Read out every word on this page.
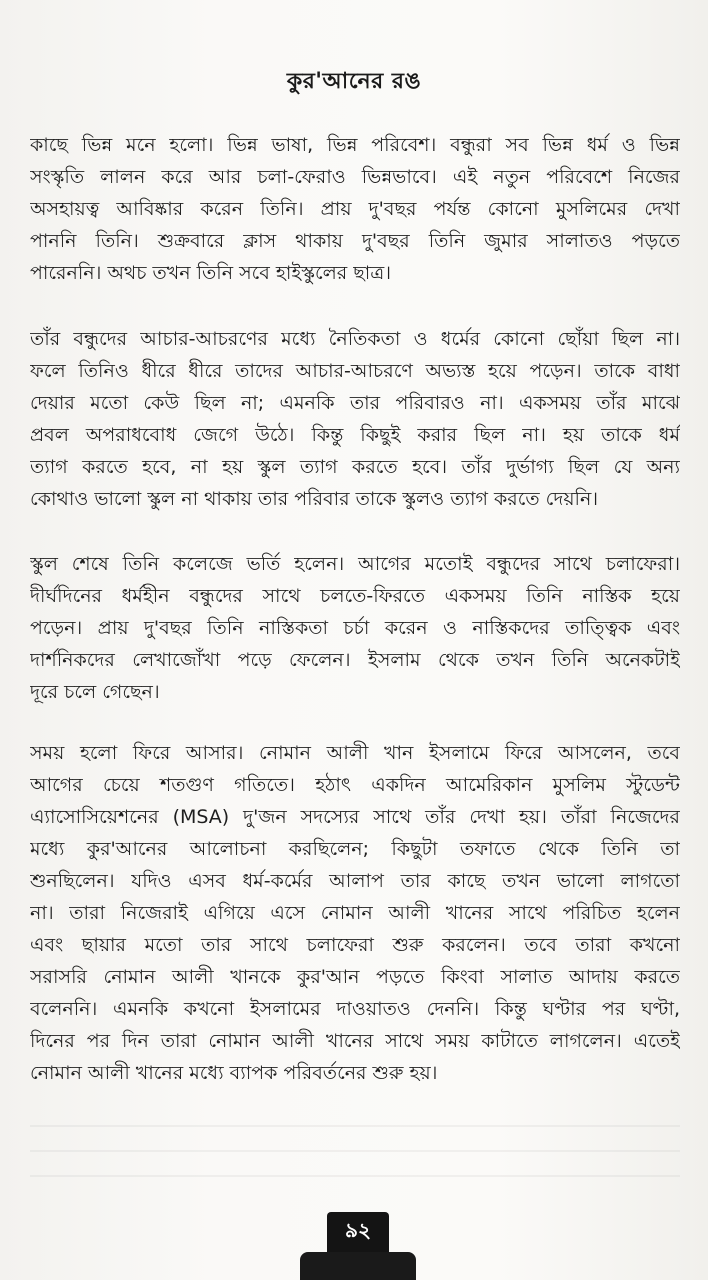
কুর'আনের রঙ
কাছে ভিন্ন মনে হলো। ভিন্ন ভাষা, ভিন্ন পরিবেশ। বন্ধুরা সব ভিন্ন ধর্ম ও ভিন্ন
সংস্কৃতি লালন করে আর চলা-ফেরাও ভিন্নভাবে। এই নতুন পরিবেশে নিজের
অসহায়ত্ব আবিষ্কার করেন তিনি। প্রায় দু'বছর পর্যন্ত কোনো মুসলিমের দেখা
পাননি তিনি। শুক্রবারে ক্লাস থাকায় দু'বছর তিনি জুমার সালাতও পড়তে
পারেননি। অথচ তখন তিনি সবে হাইস্কুলের ছাত্র।
তাঁর বন্ধুদের আচার-আচরণের মধ্যে নৈতিকতা ও ধর্মের কোনো ছোঁয়া ছিল না।
ফলে তিনিও ধীরে ধীরে তাদের আচার-আচরণে অভ্যস্ত হয়ে পড়েন। তাকে বাধা
দেয়ার মতো কেউ ছিল না; এমনকি তার পরিবারও না। একসময় তাঁর মাঝে
প্রবল অপরাধবোধ জেগে উঠে। কিন্তু কিছুই করার ছিল না। হয় তাকে ধর্ম
ত্যাগ করতে হবে, না হয় স্কুল ত্যাগ করতে হবে। তাঁর দুর্ভাগ্য ছিল যে অন্য
কোথাও ভালো স্কুল না থাকায় তার পরিবার তাকে স্কুলও ত্যাগ করতে দেয়নি।
স্কুল শেষে তিনি কলেজে ভর্তি হলেন। আগের মতোই বন্ধুদের সাথে চলাফেরা।
দীর্ঘদিনের ধর্মহীন বন্ধুদের সাথে চলতে-ফিরতে একসময় তিনি নাস্তিক হয়ে
পড়েন। প্রায় দু'বছর তিনি নাস্তিকতা চর্চা করেন ও নাস্তিকদের তাত্ত্বিক এবং
দার্শনিকদের লেখাজোঁখা পড়ে ফেলেন। ইসলাম থেকে তখন তিনি অনেকটাই
দূরে চলে গেছেন।
সময় হলো ফিরে আসার। নোমান আলী খান ইসলামে ফিরে আসলেন, তবে
আগের চেয়ে শতগুণ গতিতে। হঠাৎ একদিন আমেরিকান মুসলিম স্টুডেন্ট
এ্যাসোসিয়েশনের (MSA) দু'জন সদস্যের সাথে তাঁর দেখা হয়। তাঁরা নিজেদের
মধ্যে কুর'আনের আলোচনা করছিলেন; কিছুটা তফাতে থেকে তিনি তা
শুনছিলেন। যদিও এসব ধর্ম-কর্মের আলাপ তার কাছে তখন ভালো লাগতো
না। তারা নিজেরাই এগিয়ে এসে নোমান আলী খানের সাথে পরিচিত হলেন
এবং ছায়ার মতো তার সাথে চলাফেরা শুরু করলেন। তবে তারা কখনো
সরাসরি নোমান আলী খানকে কুর'আন পড়তে কিংবা সালাত আদায় করতে
বলেননি। এমনকি কখনো ইসলামের দাওয়াতও দেননি। কিন্তু ঘণ্টার পর ঘণ্টা,
দিনের পর দিন তারা নোমান আলী খানের সাথে সময় কাটাতে লাগলেন। এতেই
নোমান আলী খানের মধ্যে ব্যাপক পরিবর্তনের শুরু হয়।
৯২
